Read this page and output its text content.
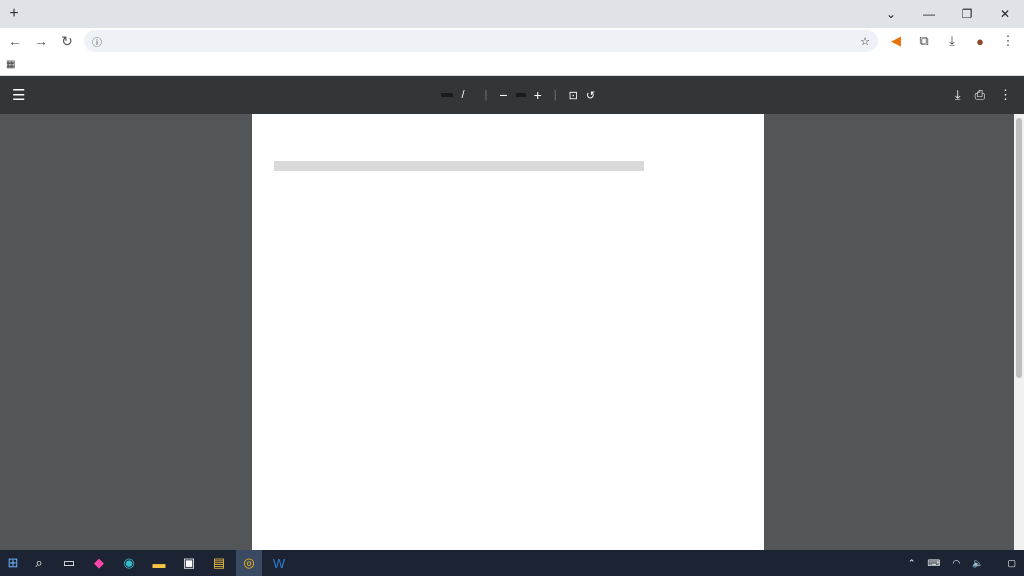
+	⌄	—	❐	✕
← → ↻	ⓘ	☆	◀	⧉	⤓	●	⋮
▦
☰	/ | − + | ⊡ ↺	⤓ ⎙ ⋮
⊞	⌕	▭	◆	◉	▬	▣	▤	◎	W	⌃ ⌨ ◠ 🔈	▢
